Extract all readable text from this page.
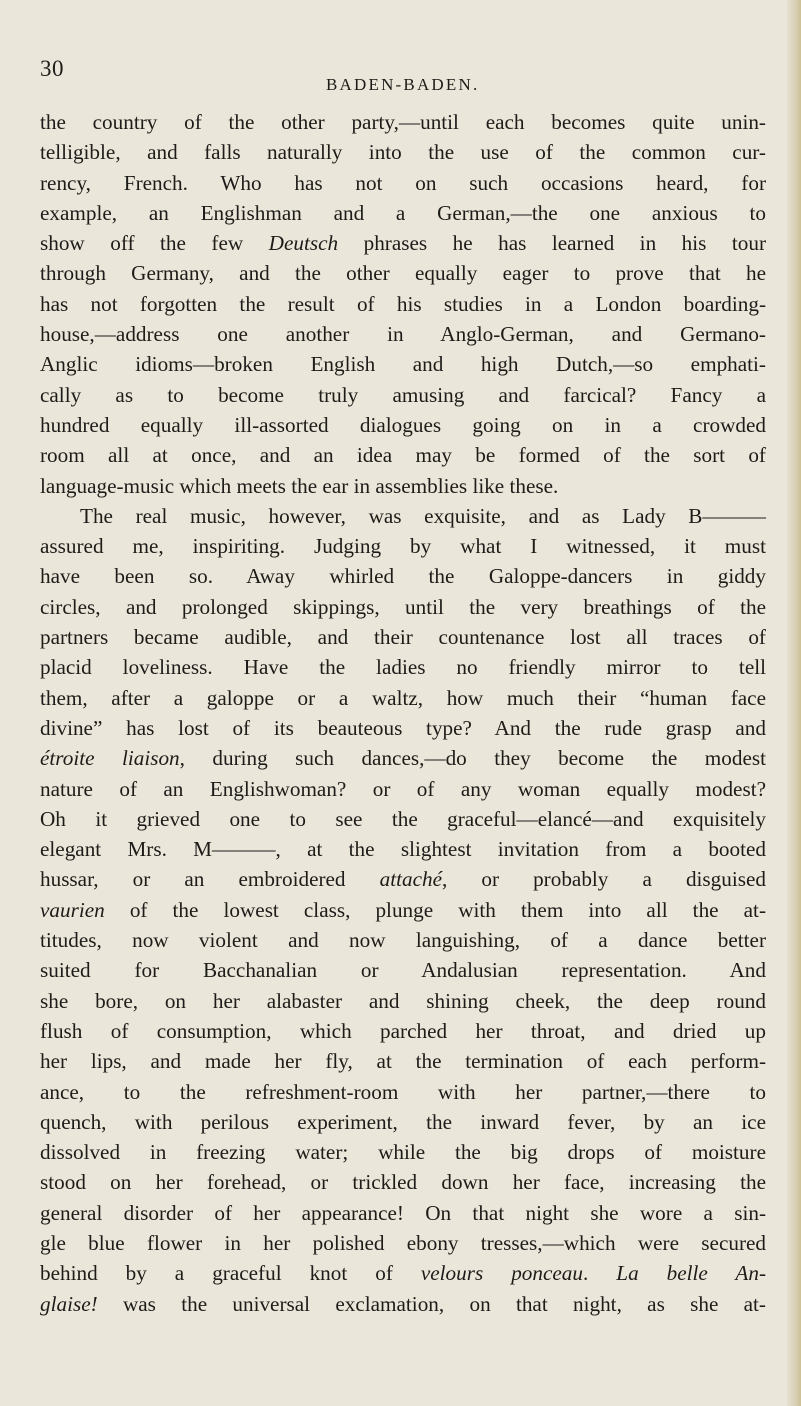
30
BADEN-BADEN.
the country of the other party,—until each becomes quite unin-
telligible, and falls naturally into the use of the common cur-
rency, French. Who has not on such occasions heard, for
example, an Englishman and a German,—the one anxious to
show off the few Deutsch phrases he has learned in his tour
through Germany, and the other equally eager to prove that he
has not forgotten the result of his studies in a London boarding-
house,—address one another in Anglo-German, and Germano-
Anglic idioms—broken English and high Dutch,—so emphati-
cally as to become truly amusing and farcical? Fancy a
hundred equally ill-assorted dialogues going on in a crowded
room all at once, and an idea may be formed of the sort of
language-music which meets the ear in assemblies like these.
The real music, however, was exquisite, and as Lady B———
assured me, inspiriting. Judging by what I witnessed, it must
have been so. Away whirled the Galoppe-dancers in giddy
circles, and prolonged skippings, until the very breathings of the
partners became audible, and their countenance lost all traces of
placid loveliness. Have the ladies no friendly mirror to tell
them, after a galoppe or a waltz, how much their “human face
divine” has lost of its beauteous type? And the rude grasp and
étroite liaison, during such dances,—do they become the modest
nature of an Englishwoman? or of any woman equally modest?
Oh it grieved one to see the graceful—elancé—and exquisitely
elegant Mrs. M———, at the slightest invitation from a booted
hussar, or an embroidered attaché, or probably a disguised
vaurien of the lowest class, plunge with them into all the at-
titudes, now violent and now languishing, of a dance better
suited for Bacchanalian or Andalusian representation. And
she bore, on her alabaster and shining cheek, the deep round
flush of consumption, which parched her throat, and dried up
her lips, and made her fly, at the termination of each perform-
ance, to the refreshment-room with her partner,—there to
quench, with perilous experiment, the inward fever, by an ice
dissolved in freezing water; while the big drops of moisture
stood on her forehead, or trickled down her face, increasing the
general disorder of her appearance! On that night she wore a sin-
gle blue flower in her polished ebony tresses,—which were secured
behind by a graceful knot of velours ponceau. La belle An-
glaise! was the universal exclamation, on that night, as she at-
